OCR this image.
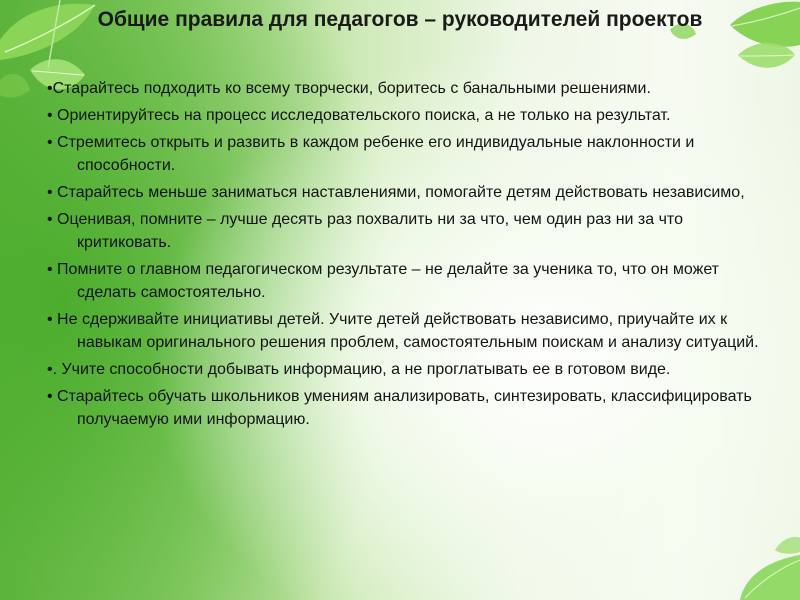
Общие правила для педагогов – руководителей проектов
•Старайтесь подходить ко всему творчески, боритесь с банальными решениями.
• Ориентируйтесь на процесс исследовательского поиска, а не только на результат.
• Стремитесь открыть и развить в каждом ребенке его индивидуальные наклонности и способности.
• Старайтесь меньше заниматься наставлениями, помогайте детям действовать независимо,
• Оценивая, помните – лучше десять раз похвалить ни за что, чем один раз ни за что критиковать.
• Помните о главном педагогическом результате – не делайте за ученика то, что он может сделать самостоятельно.
• Не сдерживайте инициативы детей. Учите детей действовать независимо, приучайте их к навыкам оригинального решения проблем, самостоятельным поискам и анализу ситуаций.
•. Учите способности добывать информацию, а не проглатывать ее в готовом виде.
• Старайтесь обучать школьников умениям анализировать, синтезировать, классифицировать получаемую ими информацию.
